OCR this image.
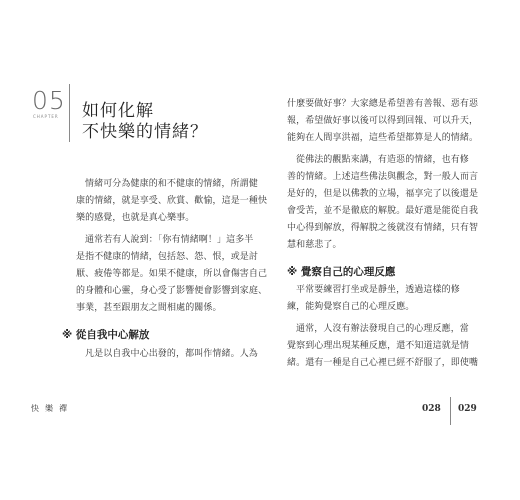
05
CHAPTER 如何化解
不快樂的情緒？
情緒可分為健康的和不健康的情緒，所謂健
康的情緒，就是享受、欣賞、歡愉，這是一種快
樂的感覺，也就是真心樂事。
通常若有人說到：「你有情緒啊！」這多半
是指不健康的情緒，包括怒、怨、恨，或是討
厭、疲倦等都是。如果不健康，所以會傷害自己
的身體和心靈，身心受了影響便會影響到家庭、
事業，甚至跟朋友之間相處的關係。
※ 從自我中心解放
凡是以自我中心出發的，都叫作情緒。人為
什麼要做好事？大家總是希望善有善報、惡有惡
報，希望做好事以後可以得到回報、可以升天，
能夠在人間享洪福，這些希望都算是人的情緒。
從佛法的觀點來講，有造惡的情緒，也有修
善的情緒。上述這些佛法與觀念，對一般人而言
是好的，但是以佛教的立場，福享完了以後還是
會受苦，並不是徹底的解脫。最好還是能從自我
中心得到解放，得解脫之後就沒有情緒，只有智
慧和慈悲了。
※ 覺察自己的心理反應
平常要練習打坐或是靜坐，透過這樣的修
練，能夠覺察自己的心理反應。
通常，人沒有辦法發現自己的心理反應，當
覺察到心理出現某種反應，還不知道這就是情
緒。還有一種是自己心裡已經不舒服了，即使嘴
快樂禪	028 029
